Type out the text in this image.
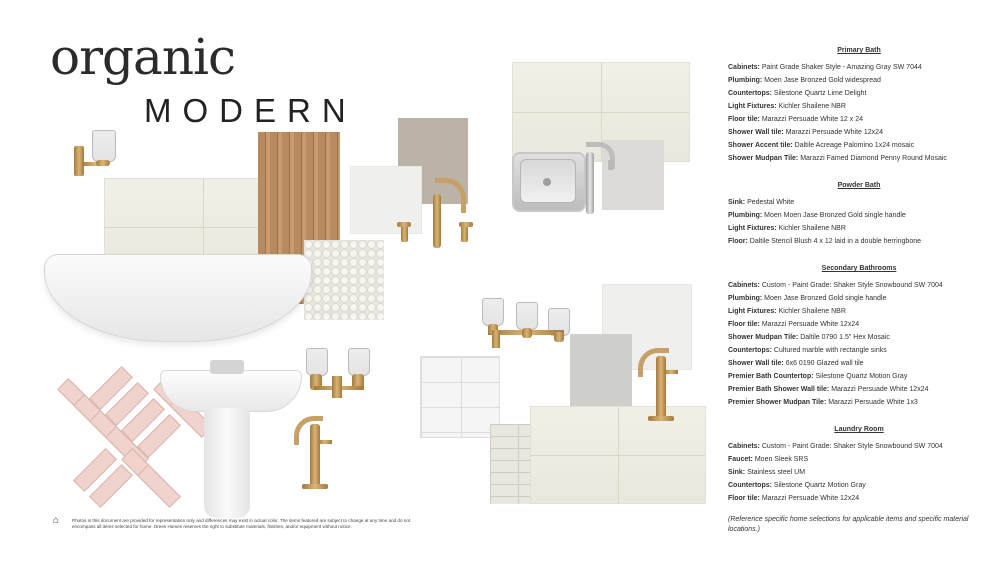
organic
MODERN
⌂	Photos in this document are provided for representation only and differences may exist in actual color. The items featured are subject to change at any time and do not encompass all items selected for home. Drees Homes reserves the right to substitute materials, finishes, and/or equipment without notice.
Primary Bath
Cabinets: Paint Grade Shaker Style - Amazing Gray SW 7044
Plumbing: Moen Jase Bronzed Gold widespread
Countertops: Silestone Quartz Lime Delight
Light Fixtures: Kichler Shailene NBR
Floor tile: Marazzi Persuade White 12 x 24
Shower Wall tile: Marazzi Persuade White 12x24
Shower Accent tile: Daltile Acreage Palomino 1x24 mosaic
Shower Mudpan Tile: Marazzi Famed Diamond Penny Round Mosaic
Powder Bath
Sink: Pedestal White
Plumbing: Moen Moen Jase Bronzed Gold single handle
Light Fixtures: Kichler Shailene NBR
Floor: Daltile Stencil Blush 4 x 12 laid in a double herringbone
Secondary Bathrooms
Cabinets: Custom - Paint Grade: Shaker Style Snowbound SW 7004
Plumbing: Moen Jase Bronzed Gold single handle
Light Fixtures: Kichler Shailene NBR
Floor tile: Marazzi Persuade White 12x24
Shower Mudpan Tile: Daltile 0790 1.5" Hex Mosaic
Countertops: Cultured marble with rectangle sinks
Shower Wall tile: 6x6 0190 Glazed wall tile
Premier Bath Countertop: Silestone Quartz Motion Gray
Premier Bath Shower Wall tile: Marazzi Persuade White 12x24
Premier Shower Mudpan Tile: Marazzi Persuade White 1x3
Laundry Room
Cabinets: Custom - Paint Grade: Shaker Style Snowbound SW 7004
Faucet: Moen Sleek SRS
Sink: Stainless steel UM
Countertops: Silestone Quartz Motion Gray
Floor tile: Marazzi Persuade White 12x24
(Reference specific home selections for applicable items and specific material locations.)
